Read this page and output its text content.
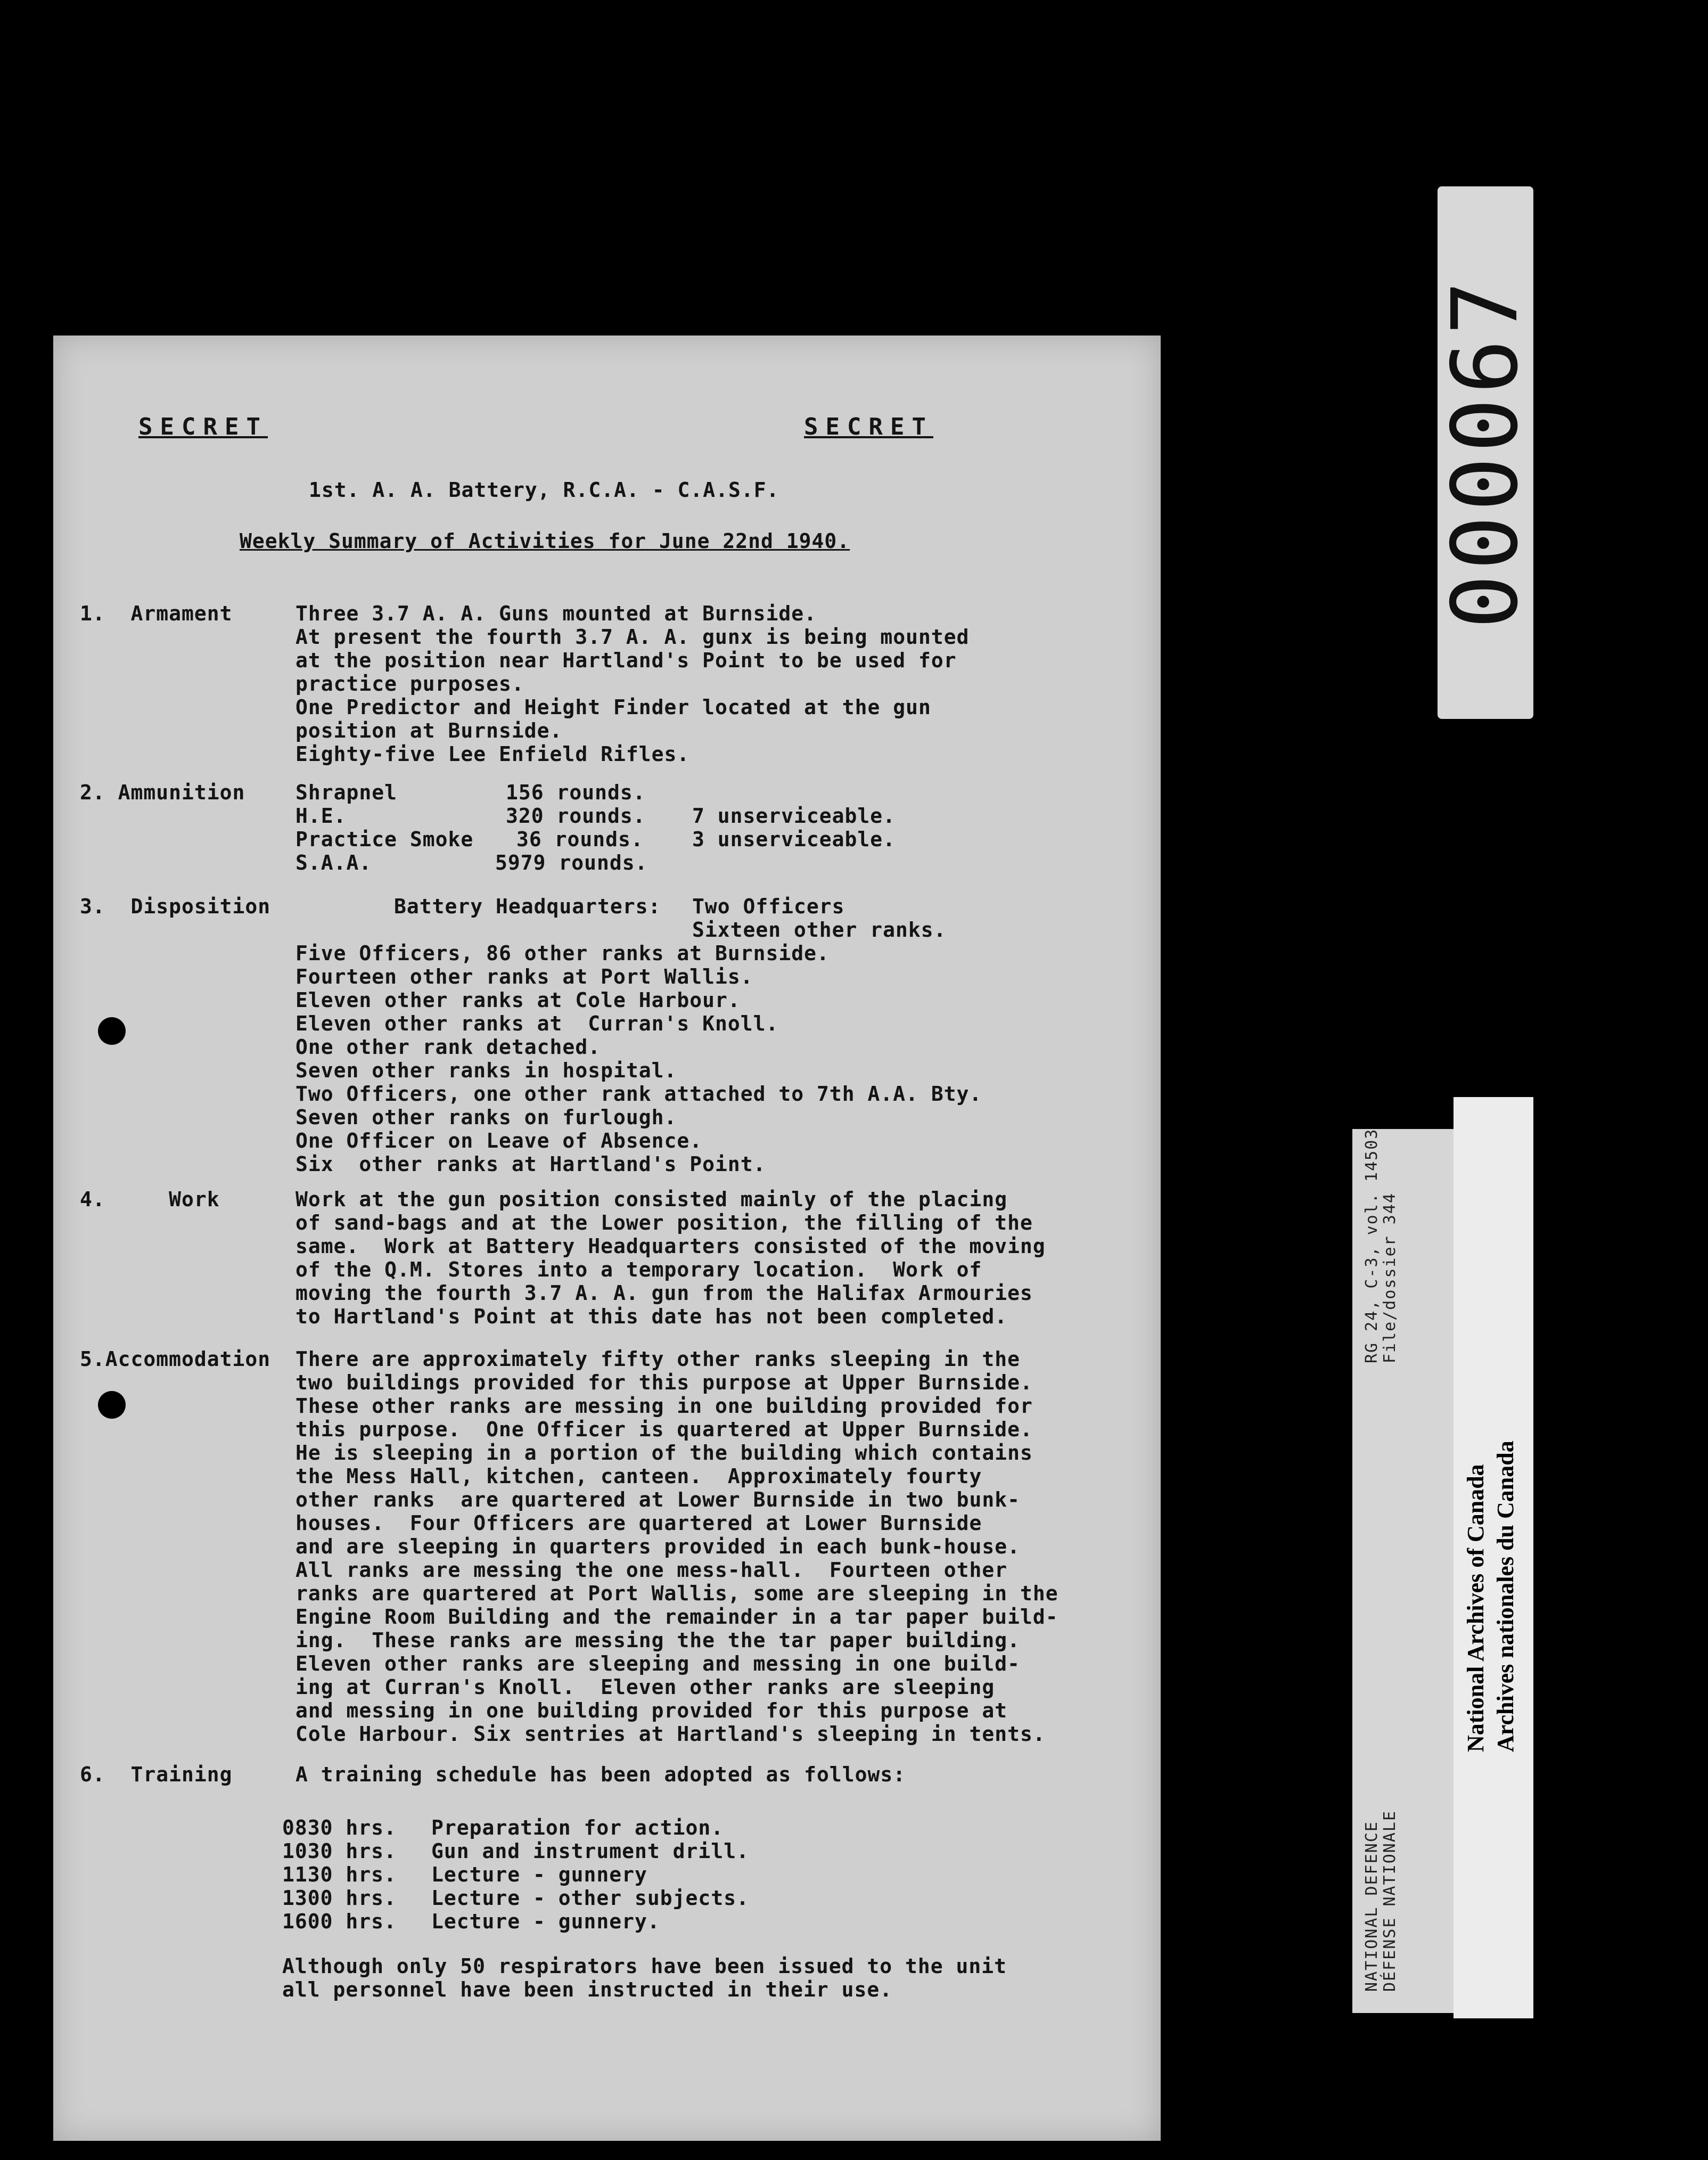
SECRET	SECRET
1st. A. A. Battery, R.C.A. - C.A.S.F.
Weekly Summary of Activities for June 22nd 1940.
1.  Armament	Three 3.7 A. A. Guns mounted at Burnside.
At present the fourth 3.7 A. A. gunx is being mounted
at the position near Hartland's Point to be used for
practice purposes.
One Predictor and Height Finder located at the gun
position at Burnside.
Eighty-five Lee Enfield Rifles.
2. Ammunition Shrapnel	156 rounds.
H.E.	320 rounds. 7 unserviceable.
Practice Smoke 36 rounds. 3 unserviceable.
S.A.A.	5979 rounds.
3.  Disposition	Battery Headquarters: Two Officers
Sixteen other ranks.
Five Officers, 86 other ranks at Burnside.
Fourteen other ranks at Port Wallis.
Eleven other ranks at Cole Harbour.
Eleven other ranks at  Curran's Knoll.
One other rank detached.
Seven other ranks in hospital.
Two Officers, one other rank attached to 7th A.A. Bty.
Seven other ranks on furlough.
One Officer on Leave of Absence.
Six  other ranks at Hartland's Point.
4.     Work	Work at the gun position consisted mainly of the placing
of sand-bags and at the Lower position, the filling of the
same.  Work at Battery Headquarters consisted of the moving
of the Q.M. Stores into a temporary location.  Work of
moving the fourth 3.7 A. A. gun from the Halifax Armouries
to Hartland's Point at this date has not been completed.
5.Accommodation There are approximately fifty other ranks sleeping in the
two buildings provided for this purpose at Upper Burnside.
These other ranks are messing in one building provided for
this purpose.  One Officer is quartered at Upper Burnside.
He is sleeping in a portion of the building which contains
the Mess Hall, kitchen, canteen.  Approximately fourty
other ranks  are quartered at Lower Burnside in two bunk-
houses.  Four Officers are quartered at Lower Burnside
and are sleeping in quarters provided in each bunk-house.
All ranks are messing the one mess-hall.  Fourteen other
ranks are quartered at Port Wallis, some are sleeping in the
Engine Room Building and the remainder in a tar paper build-
ing.  These ranks are messing the the tar paper building.
Eleven other ranks are sleeping and messing in one build-
ing at Curran's Knoll.  Eleven other ranks are sleeping
and messing in one building provided for this purpose at
Cole Harbour. Six sentries at Hartland's sleeping in tents.
6.  Training	A training schedule has been adopted as follows:
0830 hrs. Preparation for action.
1030 hrs. Gun and instrument drill.
1130 hrs. Lecture - gunnery
1300 hrs. Lecture - other subjects.
1600 hrs. Lecture - gunnery.
Although only 50 respirators have been issued to the unit
all personnel have been instructed in their use.
000067
NATIONAL DEFENCE DÉFENSE NATIONALE
RG 24, C-3, vol. 14503 File/dossier 344
National Archives of Canada Archives nationales du Canada
